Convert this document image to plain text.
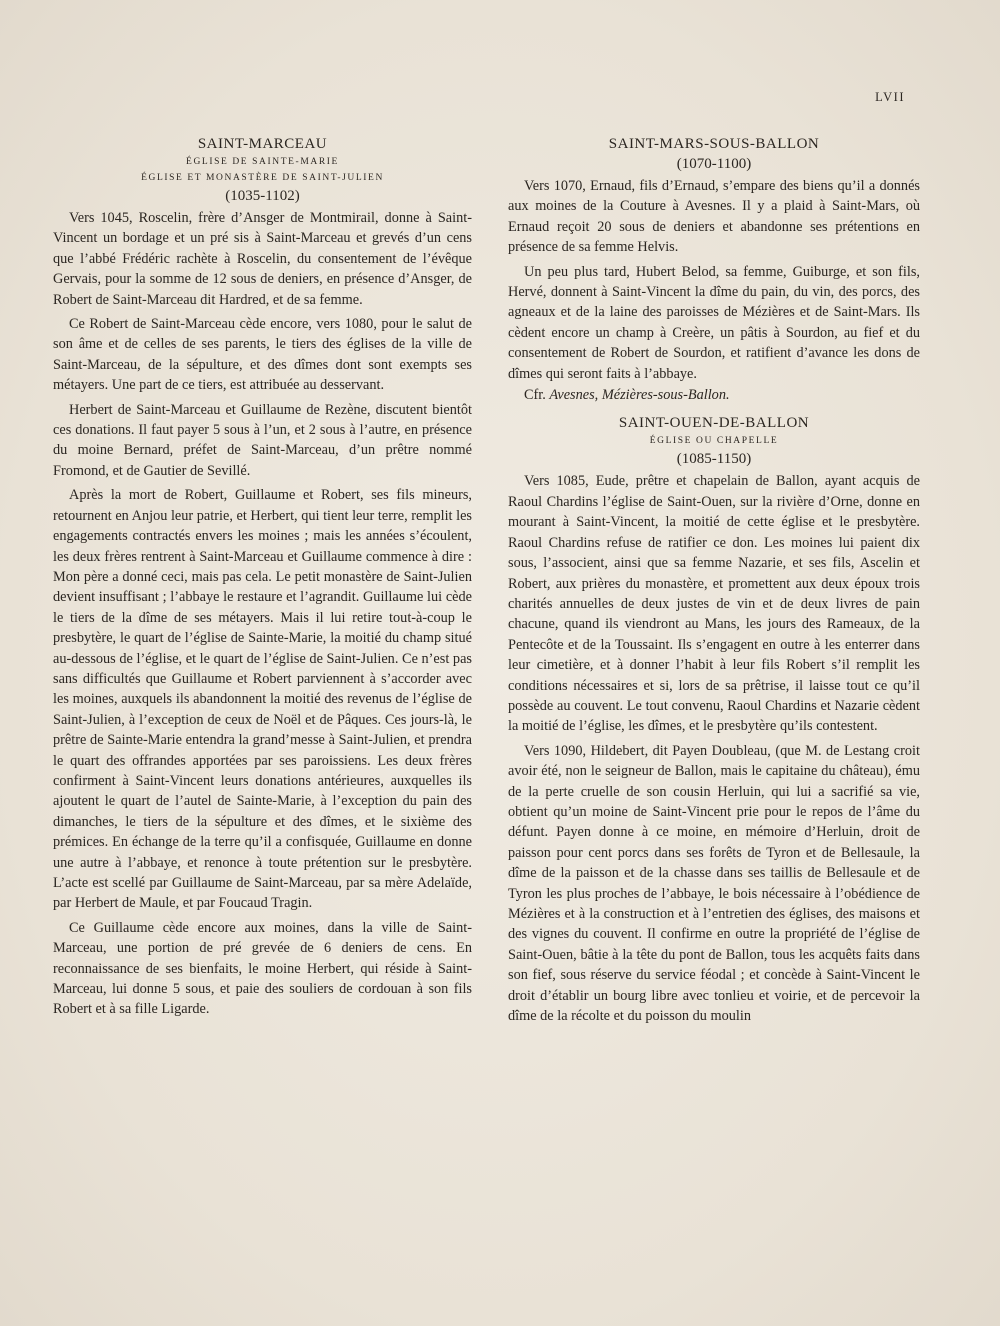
LVII
SAINT-MARCEAU
ÉGLISE DE SAINTE-MARIE
ÉGLISE ET MONASTÈRE DE SAINT-JULIEN
(1035-1102)

Vers 1045, Roscelin, frère d’Ansger de Montmirail, donne à Saint-Vincent un bordage et un pré sis à Saint-Marceau et grevés d’un cens que l’abbé Frédéric rachète à Roscelin, du consentement de l’évêque Gervais, pour la somme de 12 sous de deniers, en présence d’Ansger, de Robert de Saint-Marceau dit Hardred, et de sa femme.

Ce Robert de Saint-Marceau cède encore, vers 1080, pour le salut de son âme et de celles de ses parents, le tiers des églises de la ville de Saint-Marceau, de la sépulture, et des dîmes dont sont exempts ses métayers. Une part de ce tiers, est attribuée au desservant.

Herbert de Saint-Marceau et Guillaume de Rezène, discutent bientôt ces donations. Il faut payer 5 sous à l’un, et 2 sous à l’autre, en présence du moine Bernard, préfet de Saint-Marceau, d’un prêtre nommé Fromond, et de Gautier de Sevillé.

Après la mort de Robert, Guillaume et Robert, ses fils mineurs, retournent en Anjou leur patrie, et Herbert, qui tient leur terre, remplit les engagements contractés envers les moines ; mais les années s’écoulent, les deux frères rentrent à Saint-Marceau et Guillaume commence à dire : Mon père a donné ceci, mais pas cela. Le petit monastère de Saint-Julien devient insuffisant ; l’abbaye le restaure et l’agrandit. Guillaume lui cède le tiers de la dîme de ses métayers. Mais il lui retire tout-à-coup le presbytère, le quart de l’église de Sainte-Marie, la moitié du champ situé au-dessous de l’église, et le quart de l’église de Saint-Julien. Ce n’est pas sans difficultés que Guillaume et Robert parviennent à s’accorder avec les moines, auxquels ils abandonnent la moitié des revenus de l’église de Saint-Julien, à l’exception de ceux de Noël et de Pâques. Ces jours-là, le prêtre de Sainte-Marie entendra la grand’messe à Saint-Julien, et prendra le quart des offrandes apportées par ses paroissiens. Les deux frères confirment à Saint-Vincent leurs donations antérieures, auxquelles ils ajoutent le quart de l’autel de Sainte-Marie, à l’exception du pain des dimanches, le tiers de la sépulture et des dîmes, et le sixième des prémices. En échange de la terre qu’il a confisquée, Guillaume en donne une autre à l’abbaye, et renonce à toute prétention sur le presbytère. L’acte est scellé par Guillaume de Saint-Marceau, par sa mère Adelaïde, par Herbert de Maule, et par Foucaud Tragin.

Ce Guillaume cède encore aux moines, dans la ville de Saint-Marceau, une portion de pré grevée de 6 deniers de cens. En reconnaissance de ses bienfaits, le moine Herbert, qui réside à Saint-Marceau, lui donne 5 sous, et paie des souliers de cordouan à son fils Robert et à sa fille Ligarde.

SAINT-MARS-SOUS-BALLON
(1070-1100)

Vers 1070, Ernaud, fils d’Ernaud, s’empare des biens qu’il a donnés aux moines de la Couture à Avesnes. Il y a plaid à Saint-Mars, où Ernaud reçoit 20 sous de deniers et abandonne ses prétentions en présence de sa femme Helvis.

Un peu plus tard, Hubert Belod, sa femme, Guiburge, et son fils, Hervé, donnent à Saint-Vincent la dîme du pain, du vin, des porcs, des agneaux et de la laine des paroisses de Mézières et de Saint-Mars. Ils cèdent encore un champ à Creère, un pâtis à Sourdon, au fief et du consentement de Robert de Sourdon, et ratifient d’avance les dons de dîmes qui seront faits à l’abbaye.

Cfr. Avesnes, Mézières-sous-Ballon.

SAINT-OUEN-DE-BALLON
ÉGLISE OU CHAPELLE
(1085-1150)

Vers 1085, Eude, prêtre et chapelain de Ballon, ayant acquis de Raoul Chardins l’église de Saint-Ouen, sur la rivière d’Orne, donne en mourant à Saint-Vincent, la moitié de cette église et le presbytère. Raoul Chardins refuse de ratifier ce don. Les moines lui paient dix sous, l’associent, ainsi que sa femme Nazarie, et ses fils, Ascelin et Robert, aux prières du monastère, et promettent aux deux époux trois charités annuelles de deux justes de vin et de deux livres de pain chacune, quand ils viendront au Mans, les jours des Rameaux, de la Pentecôte et de la Toussaint. Ils s’engagent en outre à les enterrer dans leur cimetière, et à donner l’habit à leur fils Robert s’il remplit les conditions nécessaires et si, lors de sa prêtrise, il laisse tout ce qu’il possède au couvent. Le tout convenu, Raoul Chardins et Nazarie cèdent la moitié de l’église, les dîmes, et le presbytère qu’ils contestent.

Vers 1090, Hildebert, dit Payen Doubleau, (que M. de Lestang croit avoir été, non le seigneur de Ballon, mais le capitaine du château), ému de la perte cruelle de son cousin Herluin, qui lui a sacrifié sa vie, obtient qu’un moine de Saint-Vincent prie pour le repos de l’âme du défunt. Payen donne à ce moine, en mémoire d’Herluin, droit de paisson pour cent porcs dans ses forêts de Tyron et de Bellesaule, la dîme de la paisson et de la chasse dans ses taillis de Bellesaule et de Tyron les plus proches de l’abbaye, le bois nécessaire à l’obédience de Mézières et à la construction et à l’entretien des églises, des maisons et des vignes du couvent. Il confirme en outre la propriété de l’église de Saint-Ouen, bâtie à la tête du pont de Ballon, tous les acquêts faits dans son fief, sous réserve du service féodal ; et concède à Saint-Vincent le droit d’établir un bourg libre avec tonlieu et voirie, et de percevoir la dîme de la récolte et du poisson du moulin
